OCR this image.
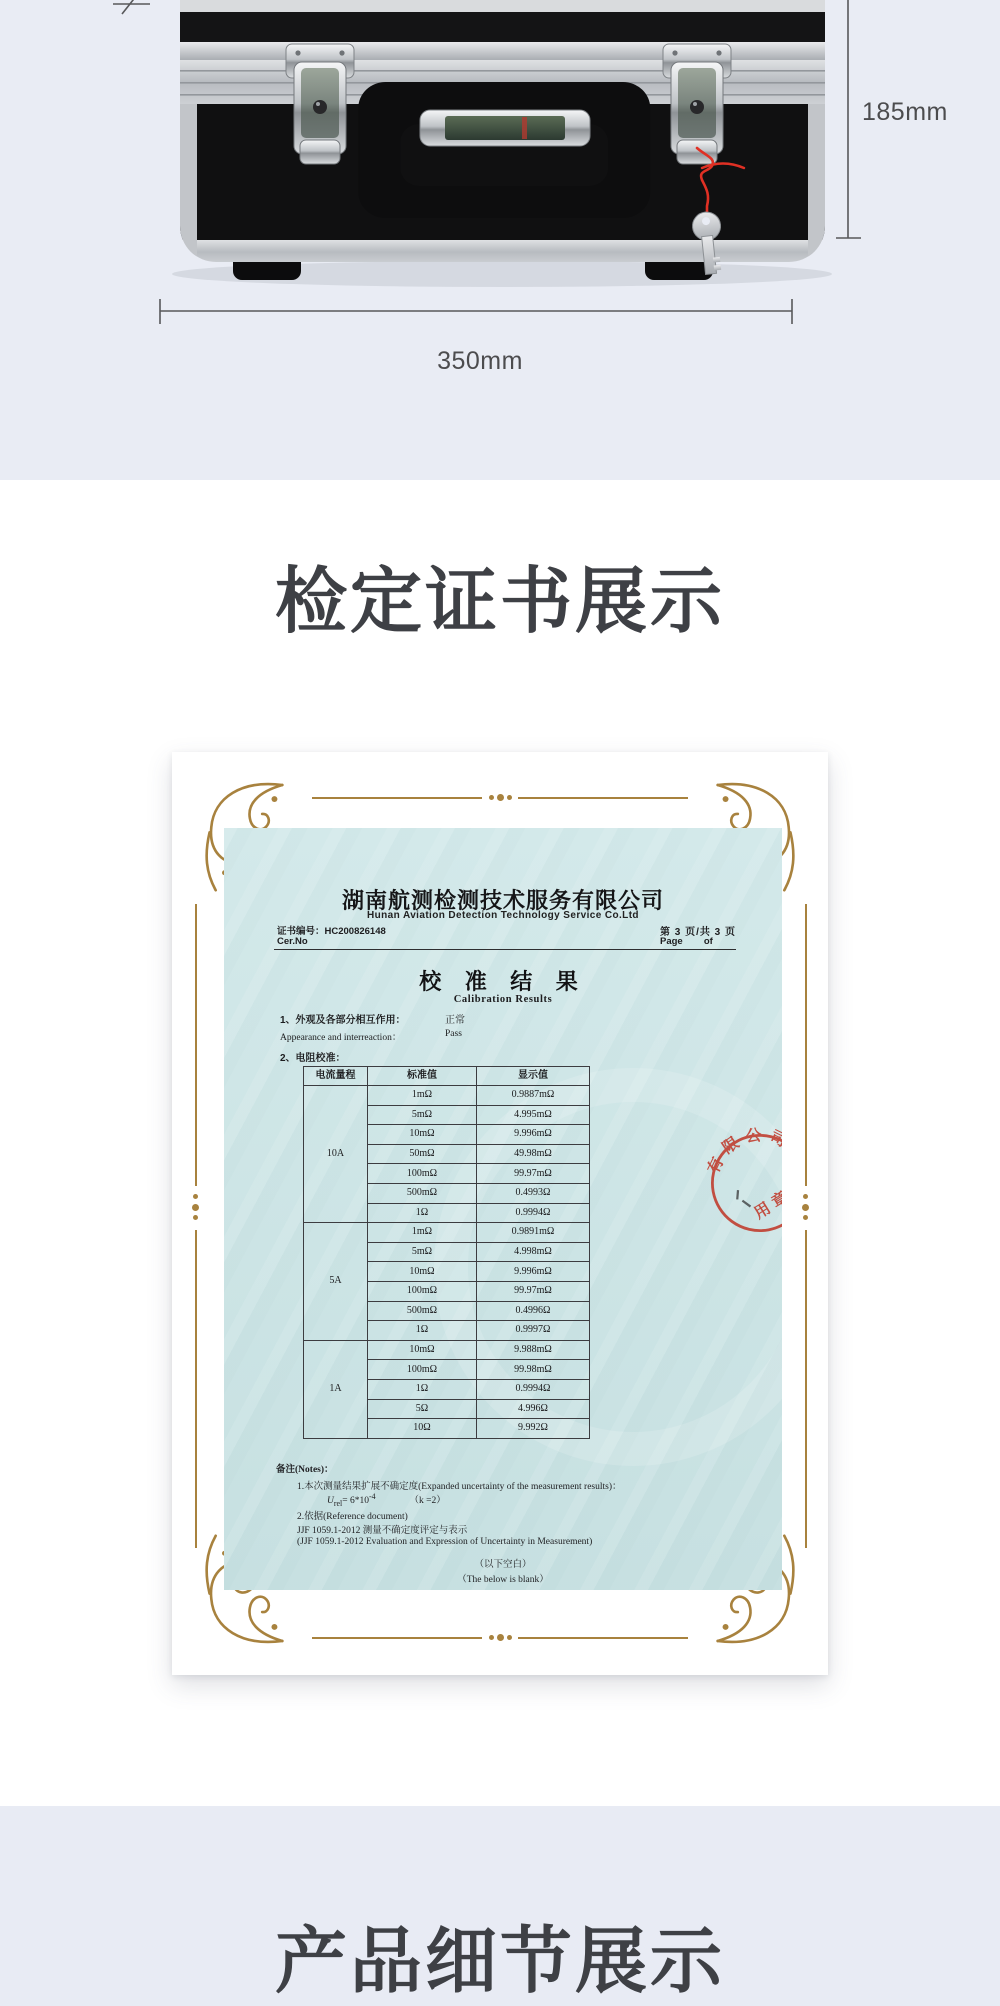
185mm
350mm
检定证书展示
湖南航测检测技术服务有限公司
Hunan Aviation Detection Technology Service Co.Ltd
证书编号：HC200826148
Cer.No
第 3 页/共 3 页
Page        of
校 准 结 果
Calibration Results
1、外观及各部分相互作用：	正常
Appearance and interreaction：	Pass
2、电阻校准：
电流量程	标准值	显示值
10A	1mΩ	0.9887mΩ
	5mΩ	4.995mΩ
	10mΩ	9.996mΩ
	50mΩ	49.98mΩ
	100mΩ	99.97mΩ
	500mΩ	0.4993Ω
	1Ω	0.9994Ω
5A	1mΩ	0.9891mΩ
	5mΩ	4.998mΩ
	10mΩ	9.996mΩ
	100mΩ	99.97mΩ
	500mΩ	0.4996Ω
	1Ω	0.9997Ω
1A	10mΩ	9.988mΩ
	100mΩ	99.98mΩ
	1Ω	0.9994Ω
	5Ω	4.996Ω
	10Ω	9.992Ω
备注(Notes)：
1.本次测量结果扩展不确定度(Expanded uncertainty of the measurement results)：
$U_{rel}= 6*10^{-4}$	（k =2）
2.依据(Reference document)
JJF 1059.1-2012 测量不确定度评定与表示
(JJF 1059.1-2012 Evaluation and Expression of Uncertainty in Measurement)
（以下空白）
（The below is blank）
有限公司
用章
产品细节展示
